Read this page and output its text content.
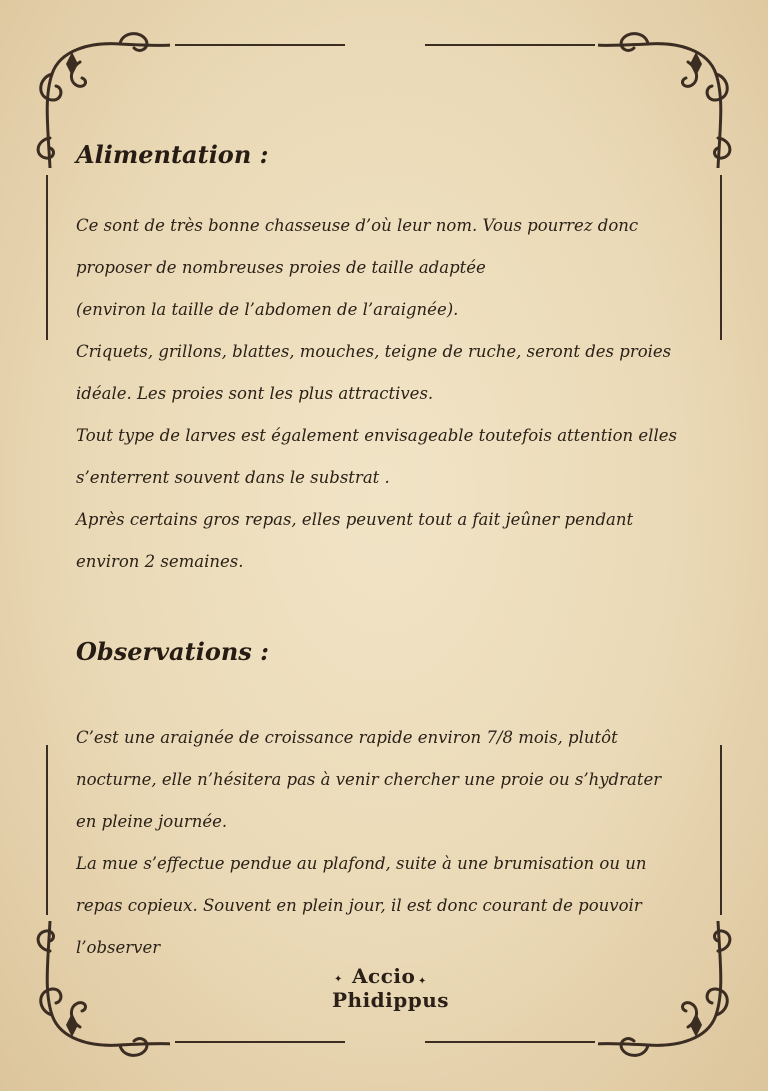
Alimentation :
Ce sont de très bonne chasseuse d’où leur nom. Vous pourrez donc
proposer de nombreuses proies de taille adaptée
(environ la taille de l’abdomen de l’araignée).
Criquets, grillons, blattes, mouches, teigne de ruche, seront des proies
idéale. Les proies sont les plus attractives.
Tout type de larves est également envisageable toutefois attention elles
s’enterrent souvent dans le substrat .
Après certains gros repas, elles peuvent tout a fait jeûner pendant
environ 2 semaines.
Observations :
C’est une araignée de croissance rapide environ 7/8 mois, plutôt
nocturne, elle n’hésitera pas à venir chercher une proie ou s’hydrater
en pleine journée.
La mue s’effectue pendue au plafond, suite à une brumisation ou un
repas copieux. Souvent en plein jour, il est donc courant de pouvoir
l’observer
✦ Accio ✦
Phidippus
